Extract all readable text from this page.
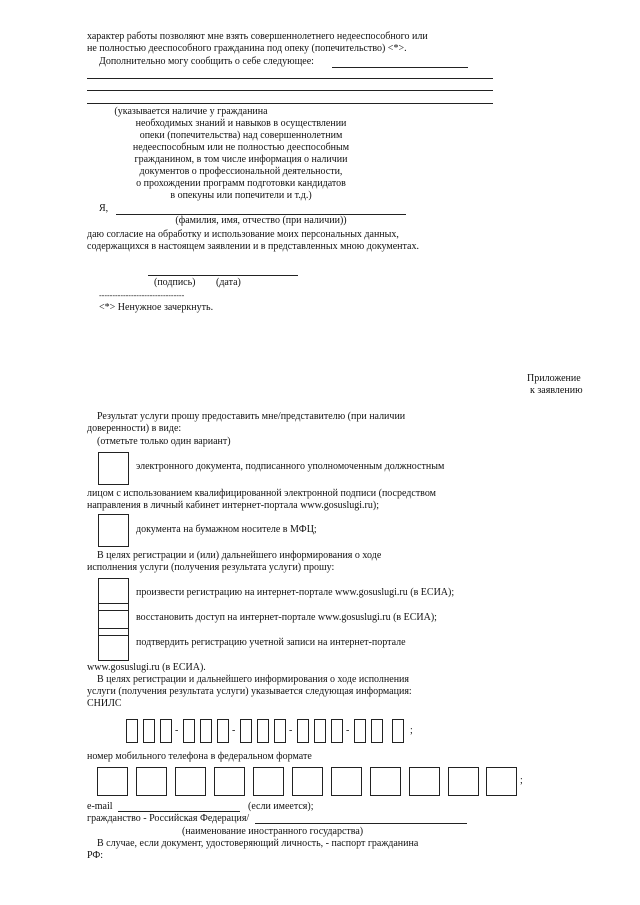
характер работы позволяют мне взять совершеннолетнего недееспособного или
не полностью дееспособного гражданина под опеку (попечительство) <*>.
Дополнительно могу сообщить о себе следующее:
(указывается наличие у гражданина
необходимых знаний и навыков в осуществлении
опеки (попечительства) над совершеннолетним
недееспособным или не полностью дееспособным
гражданином, в том числе информация о наличии
документов о профессиональной деятельности,
о прохождении программ подготовки кандидатов
в опекуны или попечители и т.д.)
Я,
(фамилия, имя, отчество (при наличии))
даю согласие на обработку и использование моих персональных данных,
содержащихся в настоящем заявлении и в представленных мною документах.
(подпись) (дата)
--------------------------------
<*> Ненужное зачеркнуть.
Приложение
к заявлению
Результат услуги прошу предоставить мне/представителю (при наличии
доверенности) в виде:
(отметьте только один вариант)
электронного документа, подписанного уполномоченным должностным
лицом с использованием квалифицированной электронной подписи (посредством
направления в личный кабинет интернет-портала www.gosuslugi.ru);
документа на бумажном носителе в МФЦ;
В целях регистрации и (или) дальнейшего информирования о ходе
исполнения услуги (получения результата услуги) прошу:
произвести регистрацию на интернет-портале www.gosuslugi.ru (в ЕСИА);
восстановить доступ на интернет-портале www.gosuslugi.ru (в ЕСИА);
подтвердить регистрацию учетной записи на интернет-портале
www.gosuslugi.ru (в ЕСИА).
В целях регистрации и дальнейшего информирования о ходе исполнения
услуги (получения результата услуги) указывается следующая информация:
СНИЛС
-	-	-	-	;
номер мобильного телефона в федеральном формате
;
e-mail	(если имеется);
гражданство - Российская Федерация/
(наименование иностранного государства)
В случае, если документ, удостоверяющий личность, - паспорт гражданина
РФ:
